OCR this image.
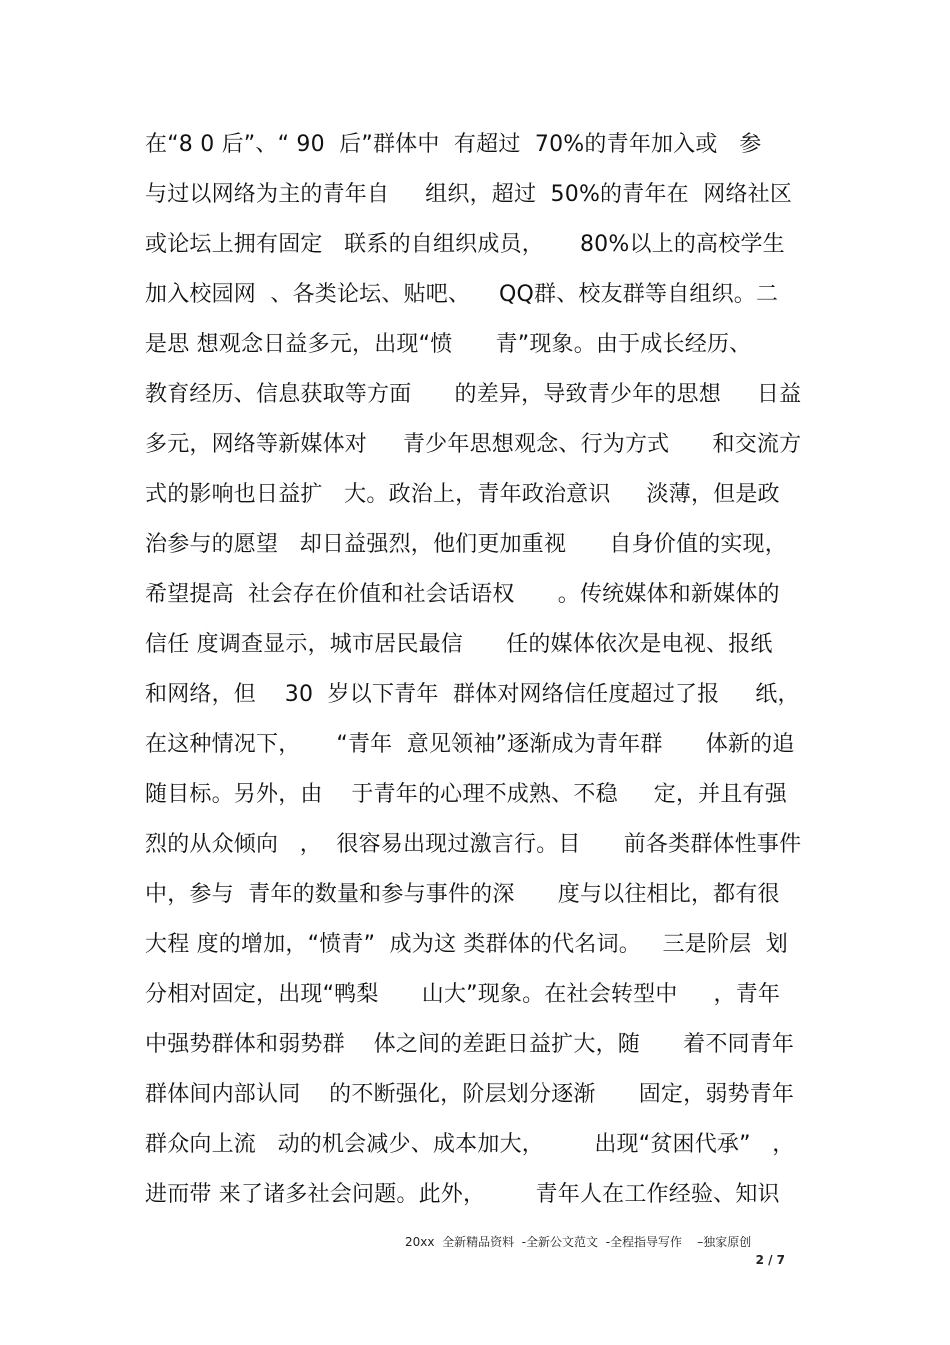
在“8 0 后”、“ 90  后”群体中  有超过  70%的青年加入或   参
与过以网络为主的青年自     组织，超过  50%的青年在  网络社区
或论坛上拥有固定   联系的自组织成员，     80%以上的高校学生
加入校园网  、各类论坛、贴吧、    QQ群、校友群等自组织。二
是思 想观念日益多元，出现“愤      青”现象。由于成长经历、
教育经历、信息获取等方面      的差异，导致青少年的思想     日益
多元，网络等新媒体对     青少年思想观念、行为方式      和交流方
式的影响也日益扩   大。政治上，青年政治意识     淡薄，但是政
治参与的愿望   却日益强烈，他们更加重视      自身价值的实现，
希望提高  社会存在价值和社会话语权      。传统媒体和新媒体的
信任 度调查显示，城市居民最信      任的媒体依次是电视、报纸
和网络，但    30  岁以下青年  群体对网络信任度超过了报     纸，
在这种情况下，     “青年  意见领袖”逐渐成为青年群      体新的追
随目标。另外，由    于青年的心理不成熟、不稳     定，并且有强
烈的从众倾向   ，  很容易出现过激言行。目      前各类群体性事件
中，参与  青年的数量和参与事件的深      度与以往相比，都有很
大程 度的增加，“愤青”  成为这 类群体的代名词。   三是阶层  划
分相对固定，出现“鸭梨      山大”现象。在社会转型中     ，青年
中强势群体和弱势群    体之间的差距日益扩大，随      着不同青年
群体间内部认同    的不断强化，阶层划分逐渐      固定，弱势青年
群众向上流   动的机会减少、成本加大，       出现“贫困代承”   ，
进而带 来了诸多社会问题。此外，       青年人在工作经验、知识
20xx  全新精品资料  -全新公文范文  -全程指导写作    –独家原创
2 / 7
